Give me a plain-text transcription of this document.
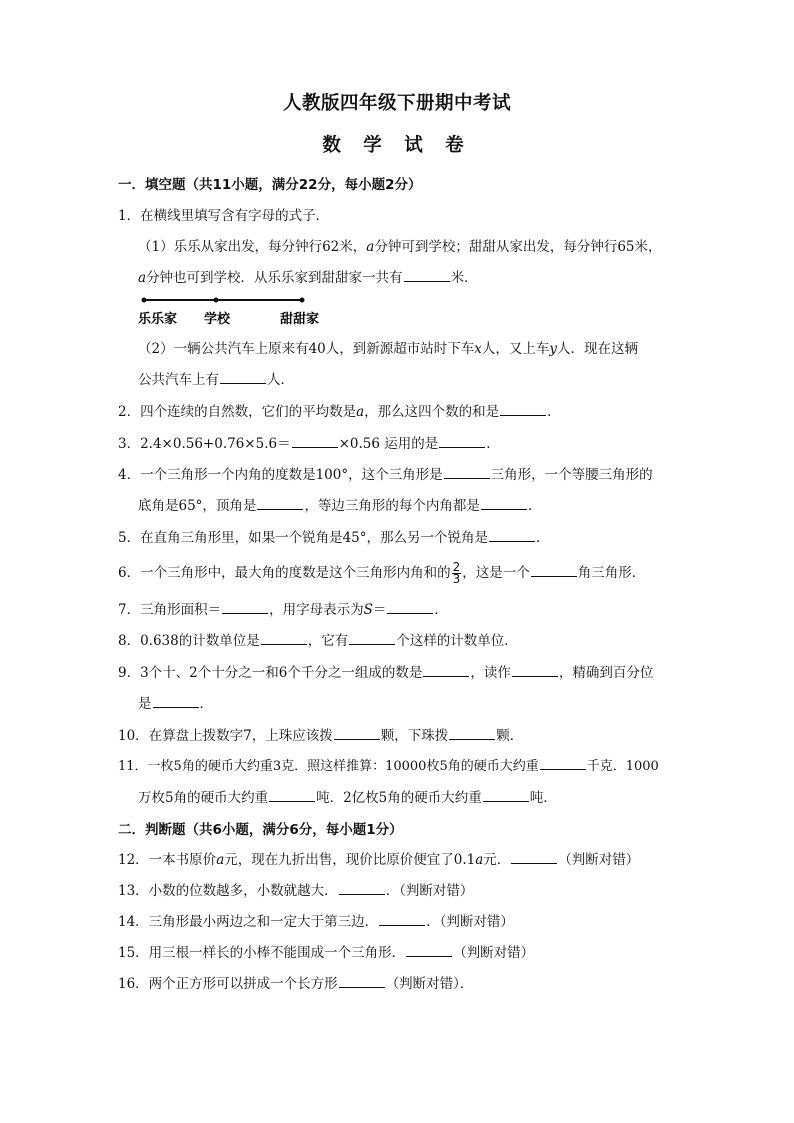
人教版四年级下册期中考试
数 学 试 卷
一．填空题（共11小题，满分22分，每小题2分）
1．在横线里填写含有字母的式子．
（1）乐乐从家出发，每分钟行62米，a分钟可到学校；甜甜从家出发，每分钟行65米，
a分钟也可到学校．从乐乐家到甜甜家一共有	米．
乐乐家 学校	甜甜家
（2）一辆公共汽车上原来有40人，到新源超市站时下车x人，又上车y人．现在这辆
公共汽车上有	人．
2．四个连续的自然数，它们的平均数是a，那么这四个数的和是	．
3．2.4×0.56+0.76×5.6＝	×0.56 运用的是	．
4．一个三角形一个内角的度数是100°，这个三角形是	三角形，一个等腰三角形的
底角是65°，顶角是	，等边三角形的每个内角都是	．
5．在直角三角形里，如果一个锐角是45°，那么另一个锐角是	．
6．一个三角形中，最大角的度数是这个三角形内角和的 $\frac{2}{3}$ ，这是一个	角三角形．
7．三角形面积＝	，用字母表示为S＝	．
8．0.638的计数单位是	，它有	个这样的计数单位．
9．3个十、2个十分之一和6个千分之一组成的数是	，读作	，精确到百分位
是	．
10．在算盘上拨数字7，上珠应该拨	颗，下珠拨	颗．
11．一枚5角的硬币大约重3克．照这样推算：10000枚5角的硬币大约重	千克．1000
万枚5角的硬币大约重	吨．2亿枚5角的硬币大约重	吨．
二．判断题（共6小题，满分6分，每小题1分）
12．一本书原价a元，现在九折出售，现价比原价便宜了0.1a元．	（判断对错）
13．小数的位数越多，小数就越大．	．（判断对错）
14．三角形最小两边之和一定大于第三边．	．（判断对错）
15．用三根一样长的小棒不能围成一个三角形．	（判断对错）
16．两个正方形可以拼成一个长方形	（判断对错）．
